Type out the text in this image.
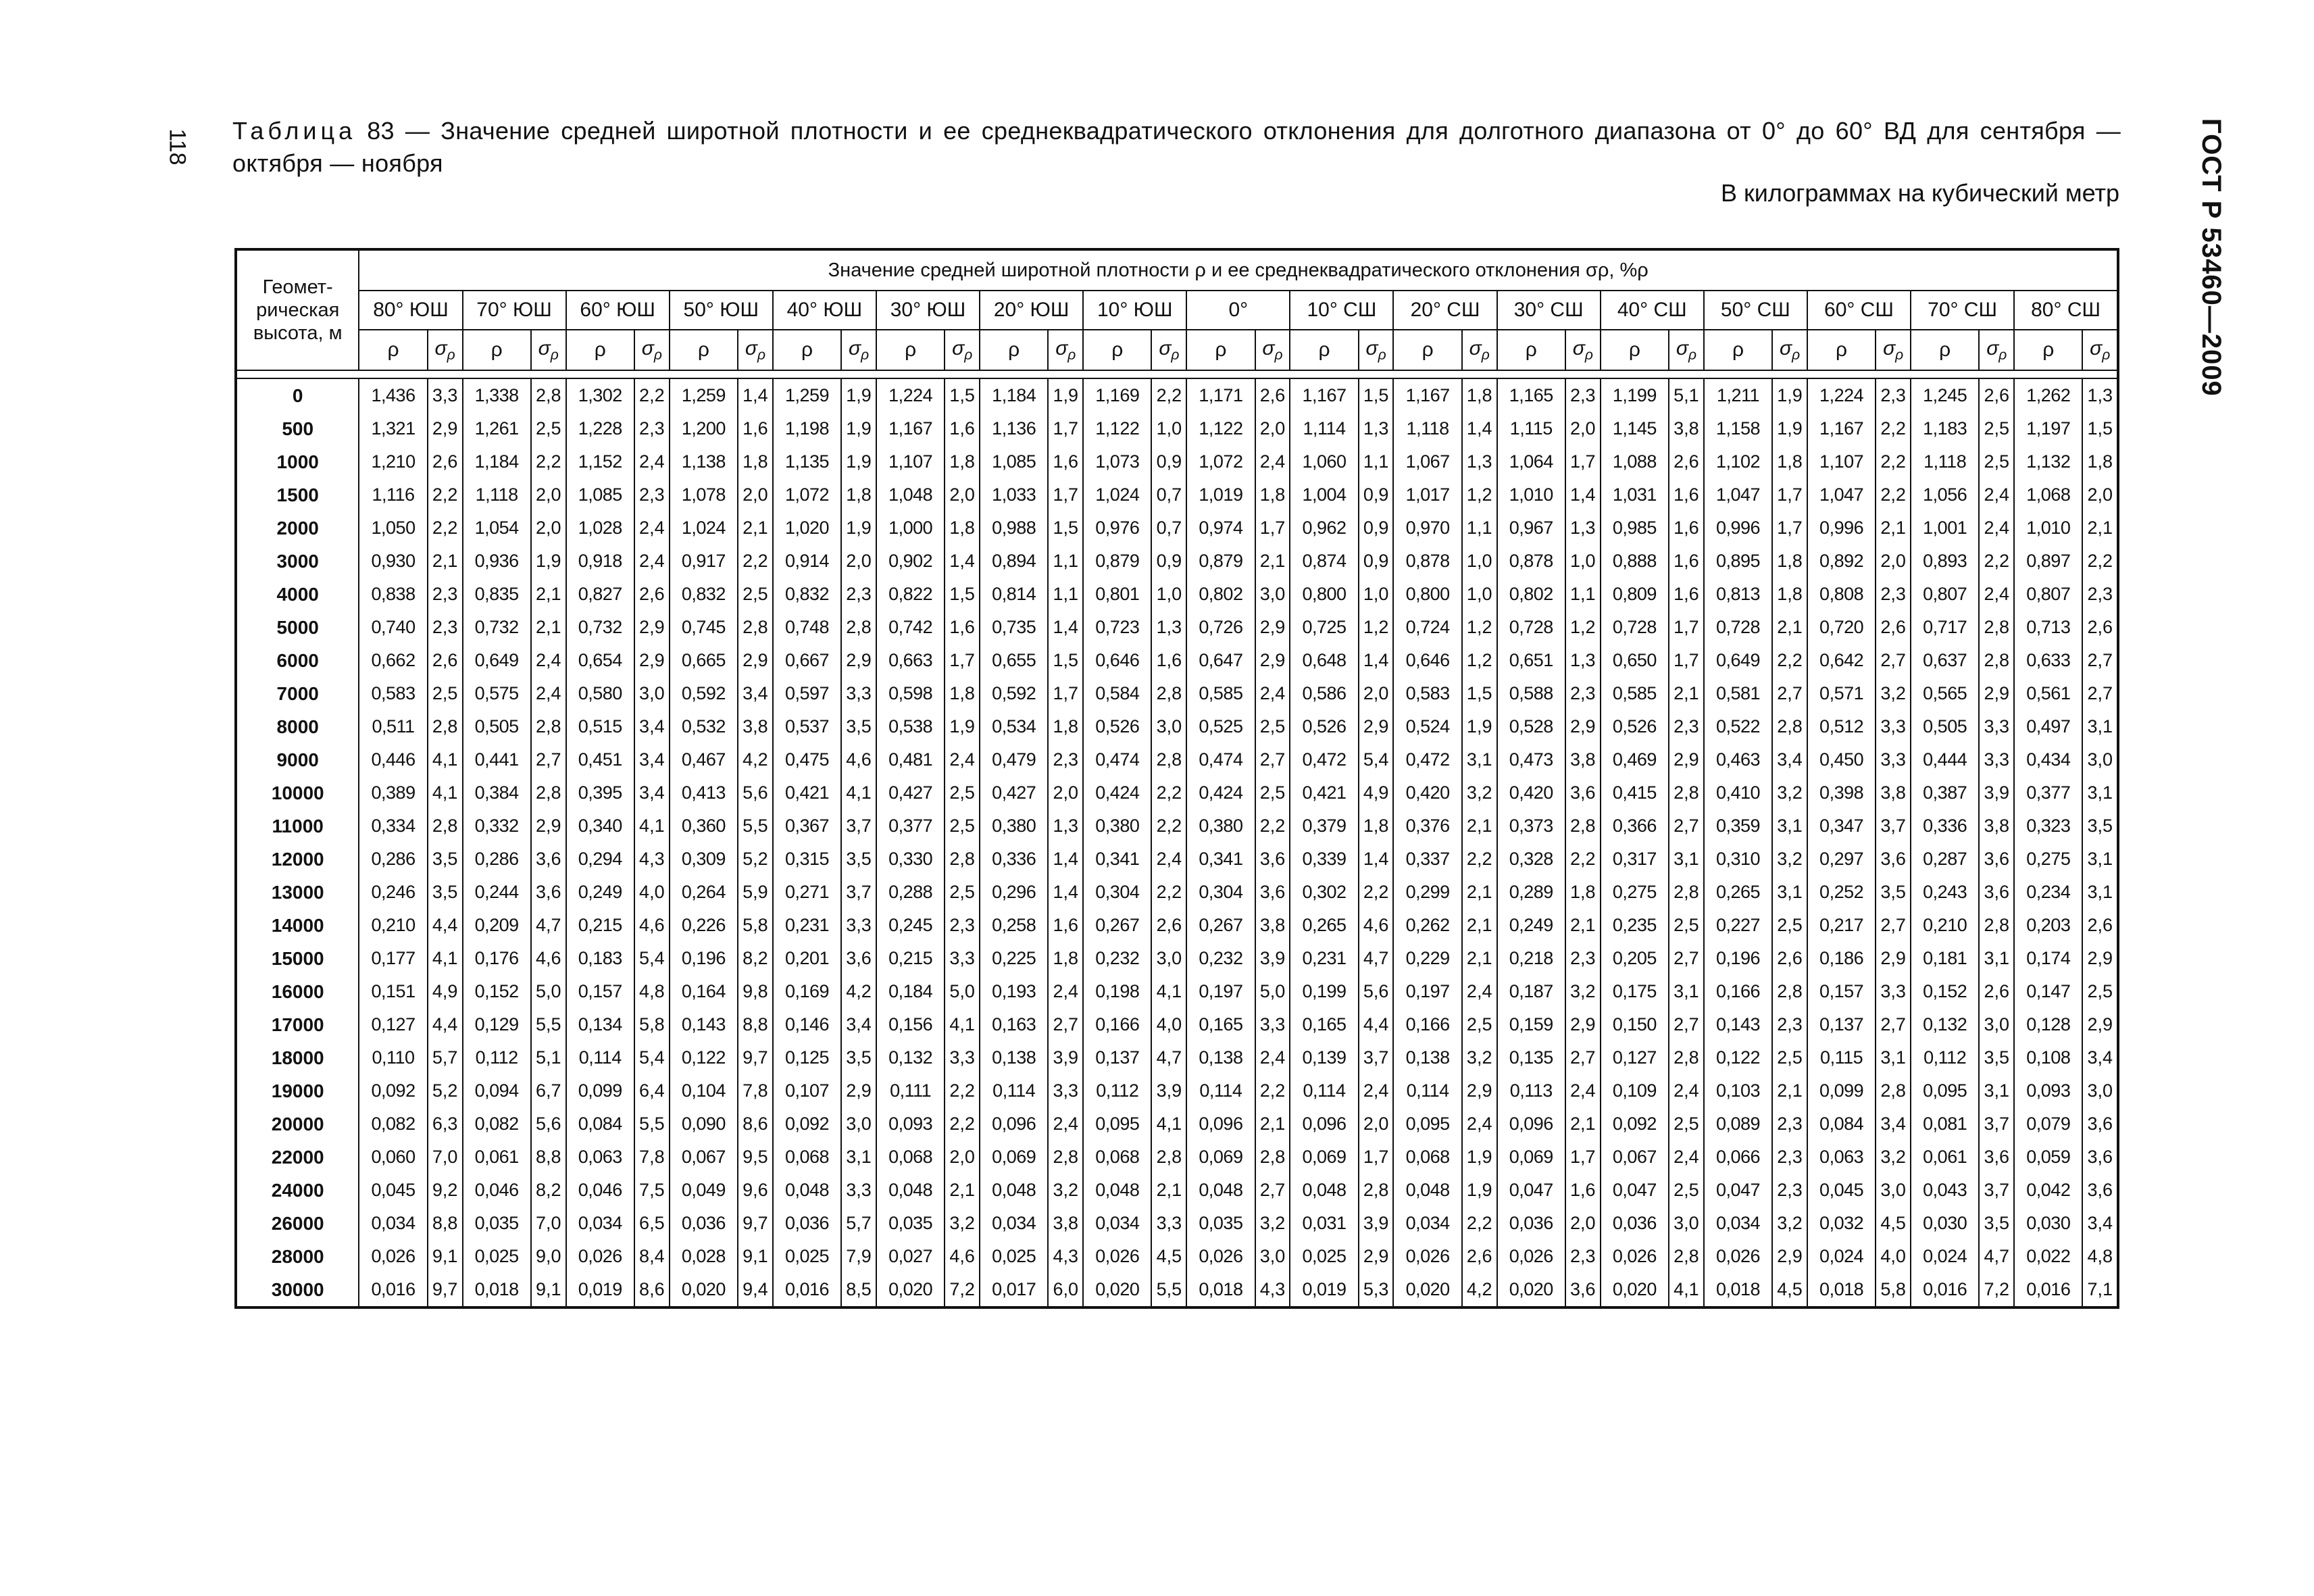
118 Таблица 83 — Значение средней широтной плотности и ее среднеквадратического отклонения для долготного диапазона от 0° до 60° ВД для сентября — октября — ноября
В килограммах на кубический метр	ГОСТ Р 53460—2009
Геомет-рическая высота, м	Значение средней широтной плотности ρ и ее среднеквадратического отклонения σρ, %ρ																																	
	80° ЮШ		70° ЮШ		60° ЮШ		50° ЮШ		40° ЮШ		30° ЮШ		20° ЮШ		10° ЮШ		0°		10° СШ		20° СШ		30° СШ		40° СШ		50° СШ		60° СШ		70° СШ		80° СШ	
	ρ	$\sigma_\rho$	ρ	$\sigma_\rho$	ρ	$\sigma_\rho$	ρ	$\sigma_\rho$	ρ	$\sigma_\rho$	ρ	$\sigma_\rho$	ρ	$\sigma_\rho$	ρ	$\sigma_\rho$	ρ	$\sigma_\rho$	ρ	$\sigma_\rho$	ρ	$\sigma_\rho$	ρ	$\sigma_\rho$	ρ	$\sigma_\rho$	ρ	$\sigma_\rho$	ρ	$\sigma_\rho$	ρ	$\sigma_\rho$	ρ	$\sigma_\rho$

0	1,436	3,3	1,338	2,8	1,302	2,2	1,259	1,4	1,259	1,9	1,224	1,5	1,184	1,9	1,169	2,2	1,171	2,6	1,167	1,5	1,167	1,8	1,165	2,3	1,199	5,1	1,211	1,9	1,224	2,3	1,245	2,6	1,262	1,3
500	1,321	2,9	1,261	2,5	1,228	2,3	1,200	1,6	1,198	1,9	1,167	1,6	1,136	1,7	1,122	1,0	1,122	2,0	1,114	1,3	1,118	1,4	1,115	2,0	1,145	3,8	1,158	1,9	1,167	2,2	1,183	2,5	1,197	1,5
1000	1,210	2,6	1,184	2,2	1,152	2,4	1,138	1,8	1,135	1,9	1,107	1,8	1,085	1,6	1,073	0,9	1,072	2,4	1,060	1,1	1,067	1,3	1,064	1,7	1,088	2,6	1,102	1,8	1,107	2,2	1,118	2,5	1,132	1,8
1500	1,116	2,2	1,118	2,0	1,085	2,3	1,078	2,0	1,072	1,8	1,048	2,0	1,033	1,7	1,024	0,7	1,019	1,8	1,004	0,9	1,017	1,2	1,010	1,4	1,031	1,6	1,047	1,7	1,047	2,2	1,056	2,4	1,068	2,0
2000	1,050	2,2	1,054	2,0	1,028	2,4	1,024	2,1	1,020	1,9	1,000	1,8	0,988	1,5	0,976	0,7	0,974	1,7	0,962	0,9	0,970	1,1	0,967	1,3	0,985	1,6	0,996	1,7	0,996	2,1	1,001	2,4	1,010	2,1
3000	0,930	2,1	0,936	1,9	0,918	2,4	0,917	2,2	0,914	2,0	0,902	1,4	0,894	1,1	0,879	0,9	0,879	2,1	0,874	0,9	0,878	1,0	0,878	1,0	0,888	1,6	0,895	1,8	0,892	2,0	0,893	2,2	0,897	2,2
4000	0,838	2,3	0,835	2,1	0,827	2,6	0,832	2,5	0,832	2,3	0,822	1,5	0,814	1,1	0,801	1,0	0,802	3,0	0,800	1,0	0,800	1,0	0,802	1,1	0,809	1,6	0,813	1,8	0,808	2,3	0,807	2,4	0,807	2,3
5000	0,740	2,3	0,732	2,1	0,732	2,9	0,745	2,8	0,748	2,8	0,742	1,6	0,735	1,4	0,723	1,3	0,726	2,9	0,725	1,2	0,724	1,2	0,728	1,2	0,728	1,7	0,728	2,1	0,720	2,6	0,717	2,8	0,713	2,6
6000	0,662	2,6	0,649	2,4	0,654	2,9	0,665	2,9	0,667	2,9	0,663	1,7	0,655	1,5	0,646	1,6	0,647	2,9	0,648	1,4	0,646	1,2	0,651	1,3	0,650	1,7	0,649	2,2	0,642	2,7	0,637	2,8	0,633	2,7
7000	0,583	2,5	0,575	2,4	0,580	3,0	0,592	3,4	0,597	3,3	0,598	1,8	0,592	1,7	0,584	2,8	0,585	2,4	0,586	2,0	0,583	1,5	0,588	2,3	0,585	2,1	0,581	2,7	0,571	3,2	0,565	2,9	0,561	2,7
8000	0,511	2,8	0,505	2,8	0,515	3,4	0,532	3,8	0,537	3,5	0,538	1,9	0,534	1,8	0,526	3,0	0,525	2,5	0,526	2,9	0,524	1,9	0,528	2,9	0,526	2,3	0,522	2,8	0,512	3,3	0,505	3,3	0,497	3,1
9000	0,446	4,1	0,441	2,7	0,451	3,4	0,467	4,2	0,475	4,6	0,481	2,4	0,479	2,3	0,474	2,8	0,474	2,7	0,472	5,4	0,472	3,1	0,473	3,8	0,469	2,9	0,463	3,4	0,450	3,3	0,444	3,3	0,434	3,0
10000	0,389	4,1	0,384	2,8	0,395	3,4	0,413	5,6	0,421	4,1	0,427	2,5	0,427	2,0	0,424	2,2	0,424	2,5	0,421	4,9	0,420	3,2	0,420	3,6	0,415	2,8	0,410	3,2	0,398	3,8	0,387	3,9	0,377	3,1
11000	0,334	2,8	0,332	2,9	0,340	4,1	0,360	5,5	0,367	3,7	0,377	2,5	0,380	1,3	0,380	2,2	0,380	2,2	0,379	1,8	0,376	2,1	0,373	2,8	0,366	2,7	0,359	3,1	0,347	3,7	0,336	3,8	0,323	3,5
12000	0,286	3,5	0,286	3,6	0,294	4,3	0,309	5,2	0,315	3,5	0,330	2,8	0,336	1,4	0,341	2,4	0,341	3,6	0,339	1,4	0,337	2,2	0,328	2,2	0,317	3,1	0,310	3,2	0,297	3,6	0,287	3,6	0,275	3,1
13000	0,246	3,5	0,244	3,6	0,249	4,0	0,264	5,9	0,271	3,7	0,288	2,5	0,296	1,4	0,304	2,2	0,304	3,6	0,302	2,2	0,299	2,1	0,289	1,8	0,275	2,8	0,265	3,1	0,252	3,5	0,243	3,6	0,234	3,1
14000	0,210	4,4	0,209	4,7	0,215	4,6	0,226	5,8	0,231	3,3	0,245	2,3	0,258	1,6	0,267	2,6	0,267	3,8	0,265	4,6	0,262	2,1	0,249	2,1	0,235	2,5	0,227	2,5	0,217	2,7	0,210	2,8	0,203	2,6
15000	0,177	4,1	0,176	4,6	0,183	5,4	0,196	8,2	0,201	3,6	0,215	3,3	0,225	1,8	0,232	3,0	0,232	3,9	0,231	4,7	0,229	2,1	0,218	2,3	0,205	2,7	0,196	2,6	0,186	2,9	0,181	3,1	0,174	2,9
16000	0,151	4,9	0,152	5,0	0,157	4,8	0,164	9,8	0,169	4,2	0,184	5,0	0,193	2,4	0,198	4,1	0,197	5,0	0,199	5,6	0,197	2,4	0,187	3,2	0,175	3,1	0,166	2,8	0,157	3,3	0,152	2,6	0,147	2,5
17000	0,127	4,4	0,129	5,5	0,134	5,8	0,143	8,8	0,146	3,4	0,156	4,1	0,163	2,7	0,166	4,0	0,165	3,3	0,165	4,4	0,166	2,5	0,159	2,9	0,150	2,7	0,143	2,3	0,137	2,7	0,132	3,0	0,128	2,9
18000	0,110	5,7	0,112	5,1	0,114	5,4	0,122	9,7	0,125	3,5	0,132	3,3	0,138	3,9	0,137	4,7	0,138	2,4	0,139	3,7	0,138	3,2	0,135	2,7	0,127	2,8	0,122	2,5	0,115	3,1	0,112	3,5	0,108	3,4
19000	0,092	5,2	0,094	6,7	0,099	6,4	0,104	7,8	0,107	2,9	0,111	2,2	0,114	3,3	0,112	3,9	0,114	2,2	0,114	2,4	0,114	2,9	0,113	2,4	0,109	2,4	0,103	2,1	0,099	2,8	0,095	3,1	0,093	3,0
20000	0,082	6,3	0,082	5,6	0,084	5,5	0,090	8,6	0,092	3,0	0,093	2,2	0,096	2,4	0,095	4,1	0,096	2,1	0,096	2,0	0,095	2,4	0,096	2,1	0,092	2,5	0,089	2,3	0,084	3,4	0,081	3,7	0,079	3,6
22000	0,060	7,0	0,061	8,8	0,063	7,8	0,067	9,5	0,068	3,1	0,068	2,0	0,069	2,8	0,068	2,8	0,069	2,8	0,069	1,7	0,068	1,9	0,069	1,7	0,067	2,4	0,066	2,3	0,063	3,2	0,061	3,6	0,059	3,6
24000	0,045	9,2	0,046	8,2	0,046	7,5	0,049	9,6	0,048	3,3	0,048	2,1	0,048	3,2	0,048	2,1	0,048	2,7	0,048	2,8	0,048	1,9	0,047	1,6	0,047	2,5	0,047	2,3	0,045	3,0	0,043	3,7	0,042	3,6
26000	0,034	8,8	0,035	7,0	0,034	6,5	0,036	9,7	0,036	5,7	0,035	3,2	0,034	3,8	0,034	3,3	0,035	3,2	0,031	3,9	0,034	2,2	0,036	2,0	0,036	3,0	0,034	3,2	0,032	4,5	0,030	3,5	0,030	3,4
28000	0,026	9,1	0,025	9,0	0,026	8,4	0,028	9,1	0,025	7,9	0,027	4,6	0,025	4,3	0,026	4,5	0,026	3,0	0,025	2,9	0,026	2,6	0,026	2,3	0,026	2,8	0,026	2,9	0,024	4,0	0,024	4,7	0,022	4,8
30000	0,016	9,7	0,018	9,1	0,019	8,6	0,020	9,4	0,016	8,5	0,020	7,2	0,017	6,0	0,020	5,5	0,018	4,3	0,019	5,3	0,020	4,2	0,020	3,6	0,020	4,1	0,018	4,5	0,018	5,8	0,016	7,2	0,016	7,1
